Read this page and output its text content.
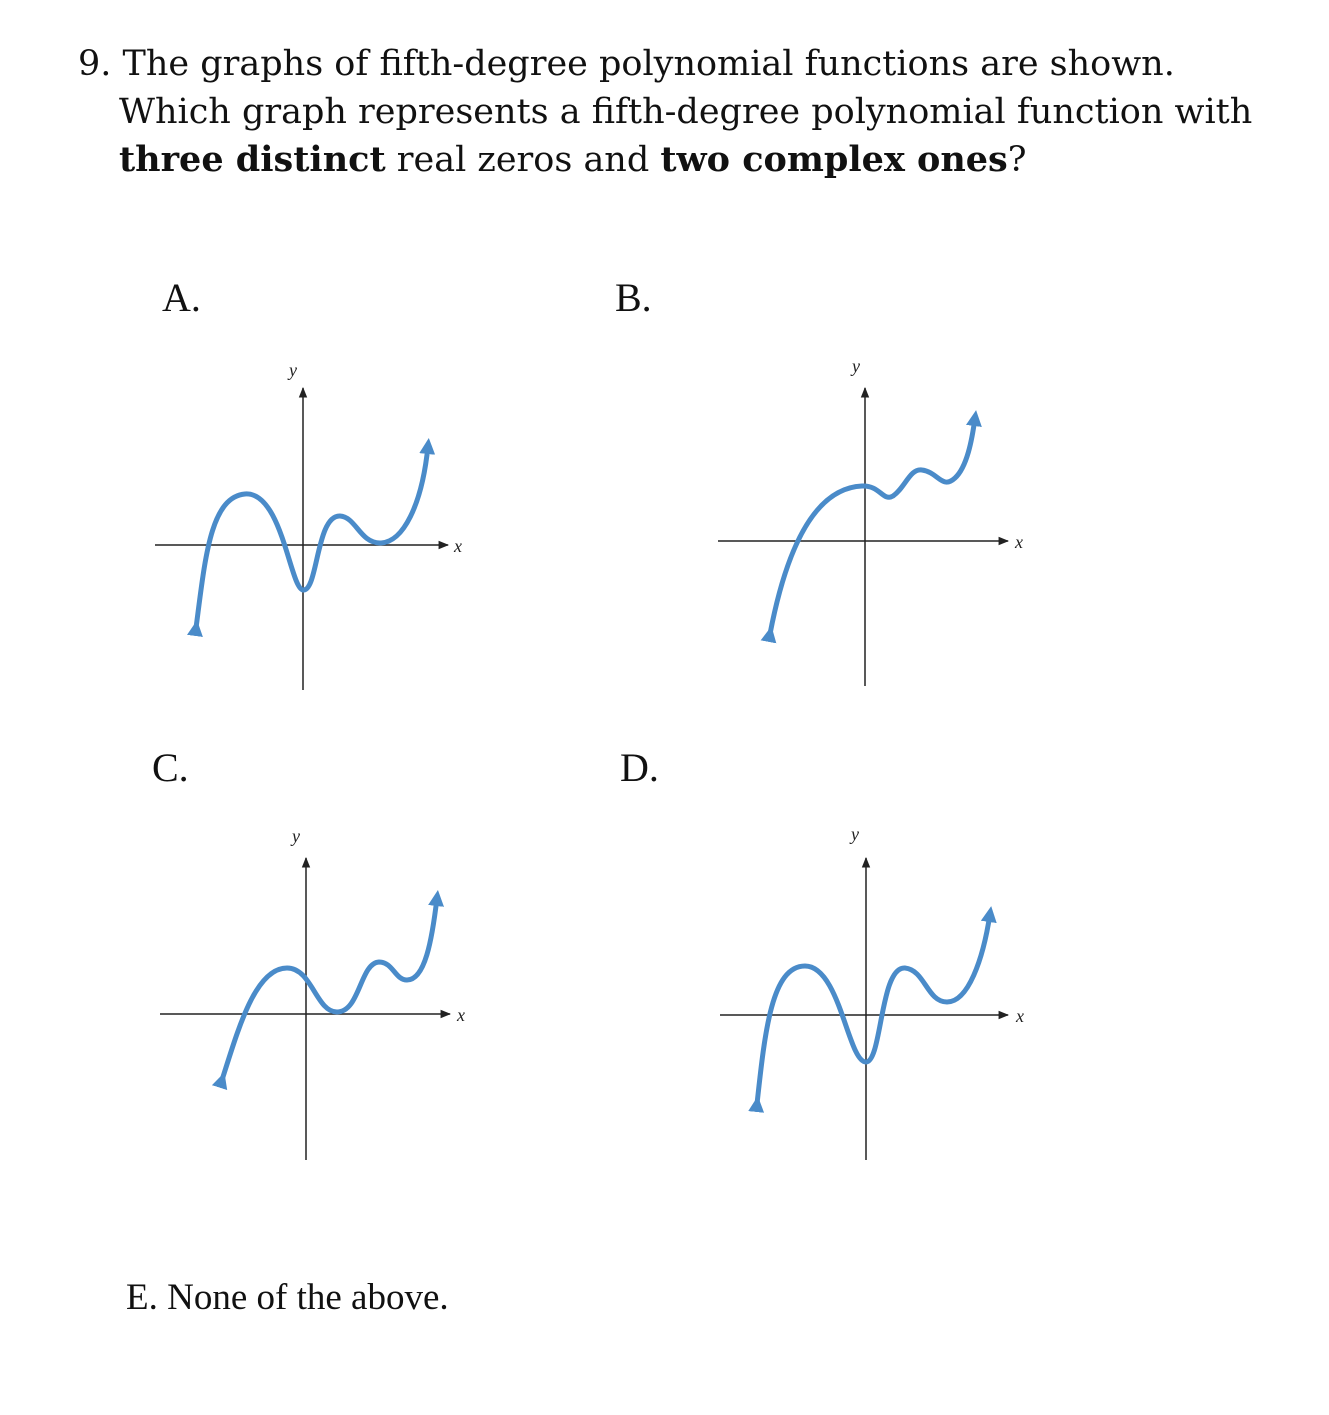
9. The graphs of fifth-degree polynomial functions are shown.
Which graph represents a fifth-degree polynomial function with
three distinct real zeros and two complex ones?
A.	B.
C.	D.
x
y
x
y
x
y
x
y
E. None of the above.
